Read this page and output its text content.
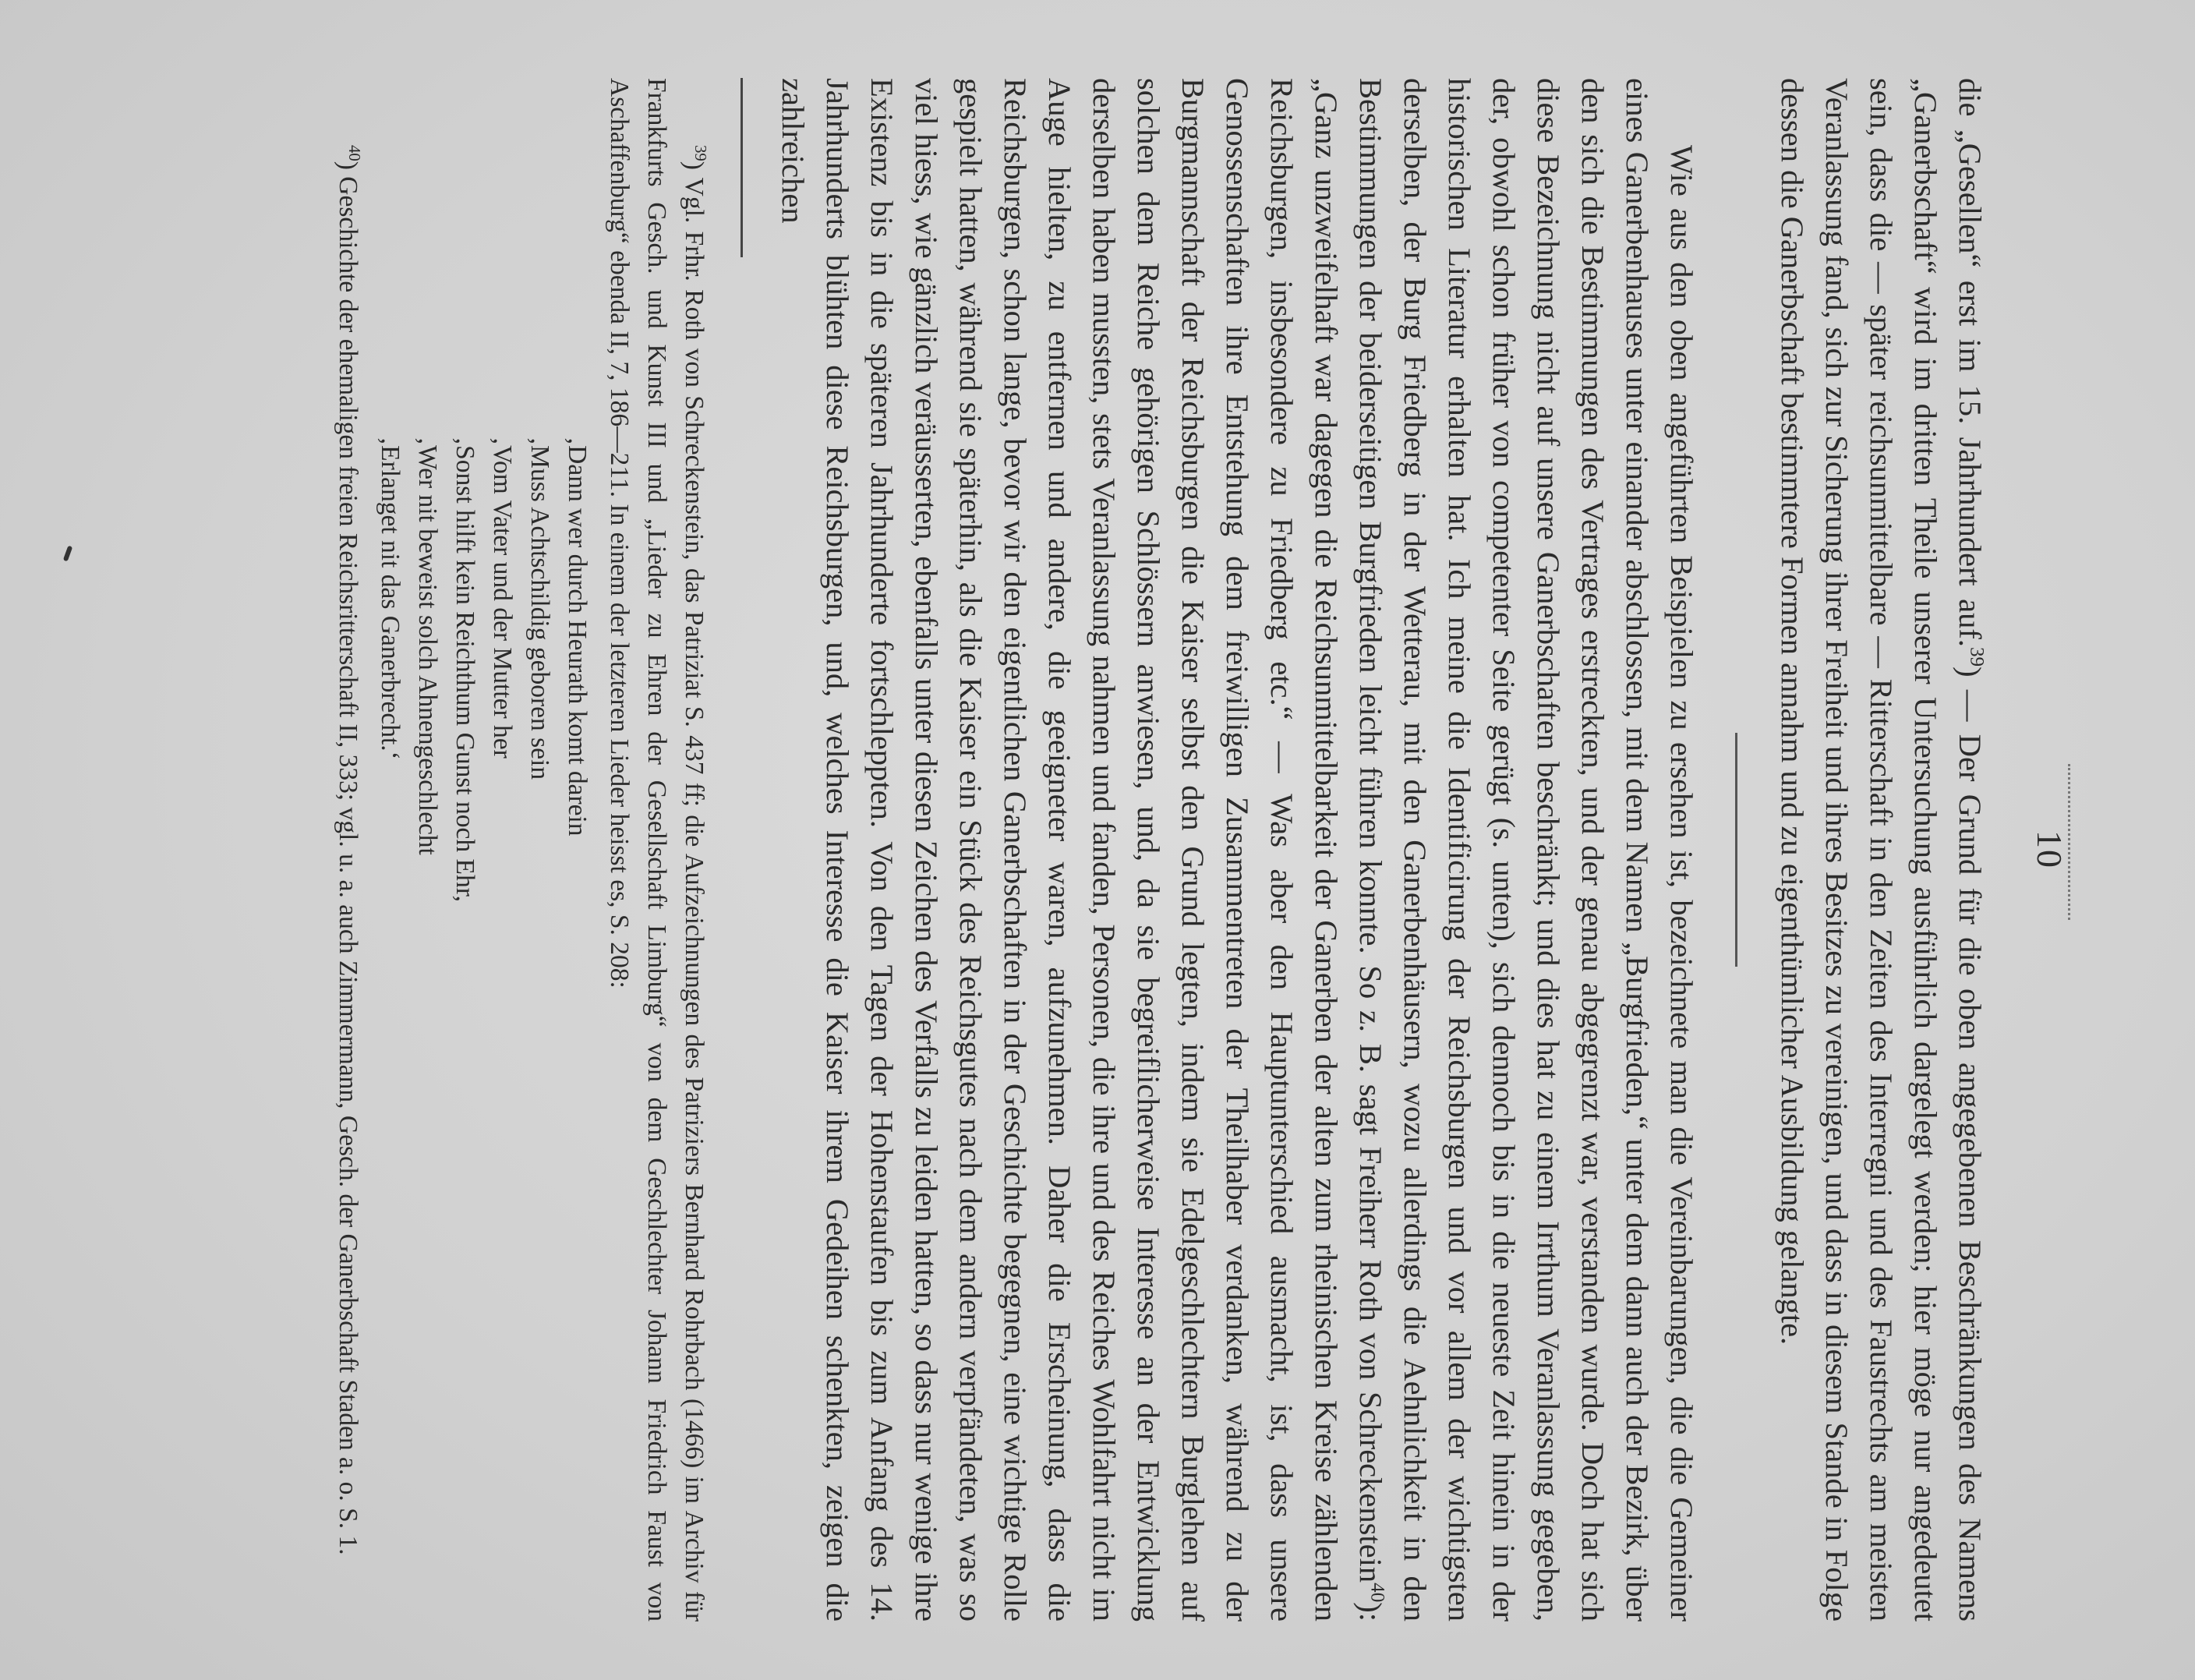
10

die „Gesellen“ erst im 15. Jahrhundert auf.$^{39}$) — Der Grund für die oben angegebenen Beschränkungen des Namens „Ganerbschaft“ wird im dritten Theile unserer Untersuchung ausführlich dargelegt werden; hier möge nur angedeutet sein, dass die — später reichsunmittelbare — Ritterschaft in den Zeiten des Interregni und des Faustrechts am meisten Veranlassung fand, sich zur Sicherung ihrer Freiheit und ihres Besitzes zu vereinigen, und dass in diesem Stande in Folge dessen die Ganerbschaft bestimmtere Formen annahm und zu eigenthümlicher Ausbildung gelangte.

Wie aus den oben angeführten Beispielen zu ersehen ist, bezeichnete man die Vereinbarungen, die die Gemeiner eines Ganerbenhauses unter einander abschlossen, mit dem Namen „Burgfrieden,“ unter dem dann auch der Bezirk, über den sich die Bestimmungen des Vertrages erstreckten, und der genau abgegrenzt war, verstanden wurde. Doch hat sich diese Bezeichnung nicht auf unsere Ganerbschaften beschränkt; und dies hat zu einem Irrthum Veranlassung gegeben, der, obwohl schon früher von competenter Seite gerügt (s. unten), sich dennoch bis in die neueste Zeit hinein in der historischen Literatur erhalten hat. Ich meine die Identificirung der Reichsburgen und vor allem der wichtigsten derselben, der Burg Friedberg in der Wetterau, mit den Ganerbenhäusern, wozu allerdings die Aehnlichkeit in den Bestimmungen der beiderseitigen Burgfrieden leicht führen konnte. So z. B. sagt Freiherr Roth von Schreckenstein$^{40}$): „Ganz unzweifelhaft war dagegen die Reichsunmittelbarkeit der Ganerben der alten zum rheinischen Kreise zählenden Reichsburgen, insbesondere zu Friedberg etc.“ — Was aber den Hauptunterschied ausmacht, ist, dass unsere Genossenschaften ihre Entstehung dem freiwilligen Zusammentreten der Theilhaber verdanken, während zu der Burgmannschaft der Reichsburgen die Kaiser selbst den Grund legten, indem sie Edelgeschlechtern Burglehen auf solchen dem Reiche gehörigen Schlössern anwiesen, und, da sie begreiflicherweise Interesse an der Entwicklung derselben haben mussten, stets Veranlassung nahmen und fanden, Personen, die ihre und des Reiches Wohlfahrt nicht im Auge hielten, zu entfernen und andere, die geeigneter waren, aufzunehmen. Daher die Erscheinung, dass die Reichsburgen, schon lange, bevor wir den eigentlichen Ganerbschaften in der Geschichte begegnen, eine wichtige Rolle gespielt hatten, während sie späterhin, als die Kaiser ein Stück des Reichsgutes nach dem andern verpfändeten, was so viel hiess, wie gänzlich veräusserten, ebenfalls unter diesen Zeichen des Verfalls zu leiden hatten, so dass nur wenige ihre Existenz bis in die späteren Jahrhunderte fortschleppten. Von den Tagen der Hohenstaufen bis zum Anfang des 14. Jahrhunderts blühten diese Reichsburgen, und, welches Interesse die Kaiser ihrem Gedeihen schenkten, zeigen die zahlreichen

$^{39}$) Vgl. Frhr. Roth von Schreckenstein, das Patriziat S. 437 ff; die Aufzeichnungen des Patriziers Bernhard Rohrbach (1466) im Archiv für Frankfurts Gesch. und Kunst III und „Lieder zu Ehren der Gesellschaft Limburg“ von dem Geschlechter Johann Friedrich Faust von Aschaffenburg“ ebenda II, 7, 186—211. In einem der letzteren Lieder heisst es, S. 208:

‚Dann wer durch Heurath komt darein
‚Muss Achtschildig geboren sein
‚Vom Vater und der Mutter her
‚Sonst hilft kein Reichthum Gunst noch Ehr,
‚Wer nit beweist solch Ahnengeschlecht
‚Erlanget nit das Ganerbrecht.‘

$^{40}$) Geschichte der ehemaligen freien Reichsritterschaft II, 333; vgl. u. a. auch Zimmermann, Gesch. der Ganerbschaft Staden a. o. S. 1.
